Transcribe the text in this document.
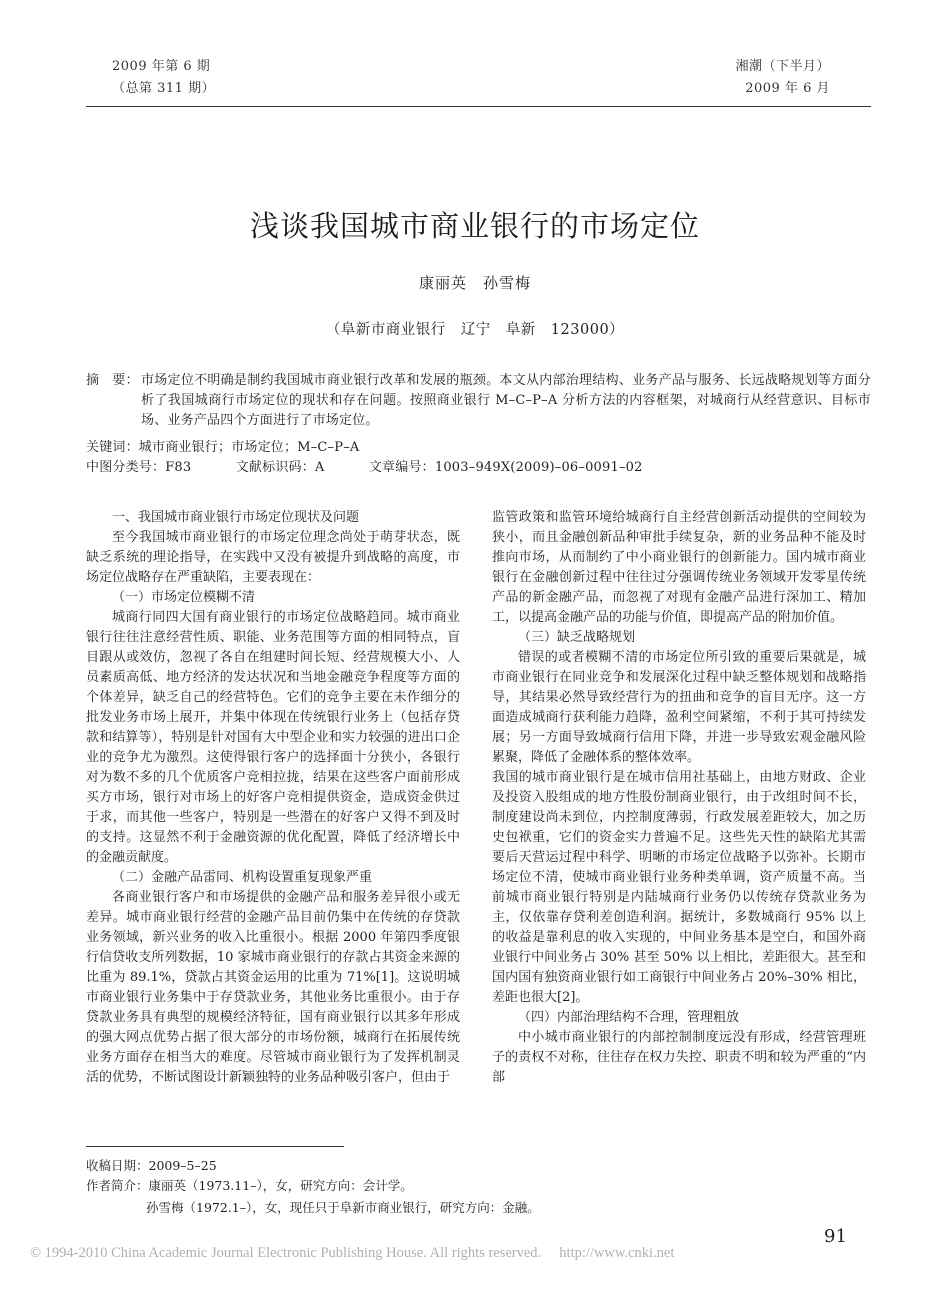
2009 年第 6 期
（总第 311 期）
湘潮（下半月）
2009 年 6 月
浅谈我国城市商业银行的市场定位
康丽英　孙雪梅
（阜新市商业银行　辽宁　阜新　123000）
摘　要： 市场定位不明确是制约我国城市商业银行改革和发展的瓶颈。本文从内部治理结构、业务产品与服务、长远战略规划等方面分析了我国城商行市场定位的现状和存在问题。按照商业银行 M–C–P–A 分析方法的内容框架，对城商行从经营意识、目标市场、业务产品四个方面进行了市场定位。
关键词：城市商业银行；市场定位；M–C–P–A
中图分类号：F83	文献标识码：A	文章编号：1003–949X(2009)–06–0091–02

一、我国城市商业银行市场定位现状及问题

至今我国城市商业银行的市场定位理念尚处于萌芽状态，既缺乏系统的理论指导，在实践中又没有被提升到战略的高度，市场定位战略存在严重缺陷，主要表现在：

（一）市场定位模糊不清

城商行同四大国有商业银行的市场定位战略趋同。城市商业银行往往注意经营性质、职能、业务范围等方面的相同特点，盲目跟从或效仿，忽视了各自在组建时间长短、经营规模大小、人员素质高低、地方经济的发达状况和当地金融竞争程度等方面的个体差异，缺乏自己的经营特色。它们的竞争主要在未作细分的批发业务市场上展开，并集中体现在传统银行业务上（包括存贷款和结算等），特别是针对国有大中型企业和实力较强的进出口企业的竞争尤为激烈。这使得银行客户的选择面十分狭小，各银行对为数不多的几个优质客户竞相拉拢，结果在这些客户面前形成买方市场，银行对市场上的好客户竞相提供资金，造成资金供过于求，而其他一些客户，特别是一些潜在的好客户又得不到及时的支持。这显然不利于金融资源的优化配置，降低了经济增长中的金融贡献度。

（二）金融产品雷同、机构设置重复现象严重

各商业银行客户和市场提供的金融产品和服务差异很小或无差异。城市商业银行经营的金融产品目前仍集中在传统的存贷款业务领域，新兴业务的收入比重很小。根据 2000 年第四季度银行信贷收支所列数据，10 家城市商业银行的存款占其资金来源的比重为 89.1%，贷款占其资金运用的比重为 71%[1]。这说明城市商业银行业务集中于存贷款业务，其他业务比重很小。由于存贷款业务具有典型的规模经济特征，国有商业银行以其多年形成的强大网点优势占据了很大部分的市场份额，城商行在拓展传统业务方面存在相当大的难度。尽管城市商业银行为了发挥机制灵活的优势，不断试图设计新颖独特的业务品种吸引客户，但由于

监管政策和监管环境给城商行自主经营创新活动提供的空间较为狭小，而且金融创新品种审批手续复杂，新的业务品种不能及时推向市场，从而制约了中小商业银行的创新能力。国内城市商业银行在金融创新过程中往往过分强调传统业务领域开发零星传统产品的新金融产品，而忽视了对现有金融产品进行深加工、精加工，以提高金融产品的功能与价值，即提高产品的附加价值。

（三）缺乏战略规划

错误的或者模糊不清的市场定位所引致的重要后果就是，城市商业银行在同业竞争和发展深化过程中缺乏整体规划和战略指导，其结果必然导致经营行为的扭曲和竞争的盲目无序。这一方面造成城商行获利能力趋降，盈利空间紧缩，不利于其可持续发展；另一方面导致城商行信用下降，并进一步导致宏观金融风险累聚，降低了金融体系的整体效率。

我国的城市商业银行是在城市信用社基础上，由地方财政、企业及投资入股组成的地方性股份制商业银行，由于改组时间不长，制度建设尚未到位，内控制度薄弱，行政发展差距较大，加之历史包袱重，它们的资金实力普遍不足。这些先天性的缺陷尤其需要后天营运过程中科学、明晰的市场定位战略予以弥补。长期市场定位不清，使城市商业银行业务种类单调，资产质量不高。当前城市商业银行特别是内陆城商行业务仍以传统存贷款业务为主，仅依靠存贷利差创造利润。据统计，多数城商行 95% 以上的收益是靠利息的收入实现的，中间业务基本是空白，和国外商业银行中间业务占 30% 甚至 50% 以上相比，差距很大。甚至和国内国有独资商业银行如工商银行中间业务占 20%–30% 相比，差距也很大[2]。

（四）内部治理结构不合理，管理粗放

中小城市商业银行的内部控制制度远没有形成，经营管理班子的责权不对称，往往存在权力失控、职责不明和较为严重的“内部

收稿日期：2009–5–25
作者简介：康丽英（1973.11–），女，研究方向：会计学。
孙雪梅（1972.1–），女，现任只于阜新市商业银行，研究方向：金融。
91
© 1994-2010 China Academic Journal Electronic Publishing House. All rights reserved.　 http://www.cnki.net
